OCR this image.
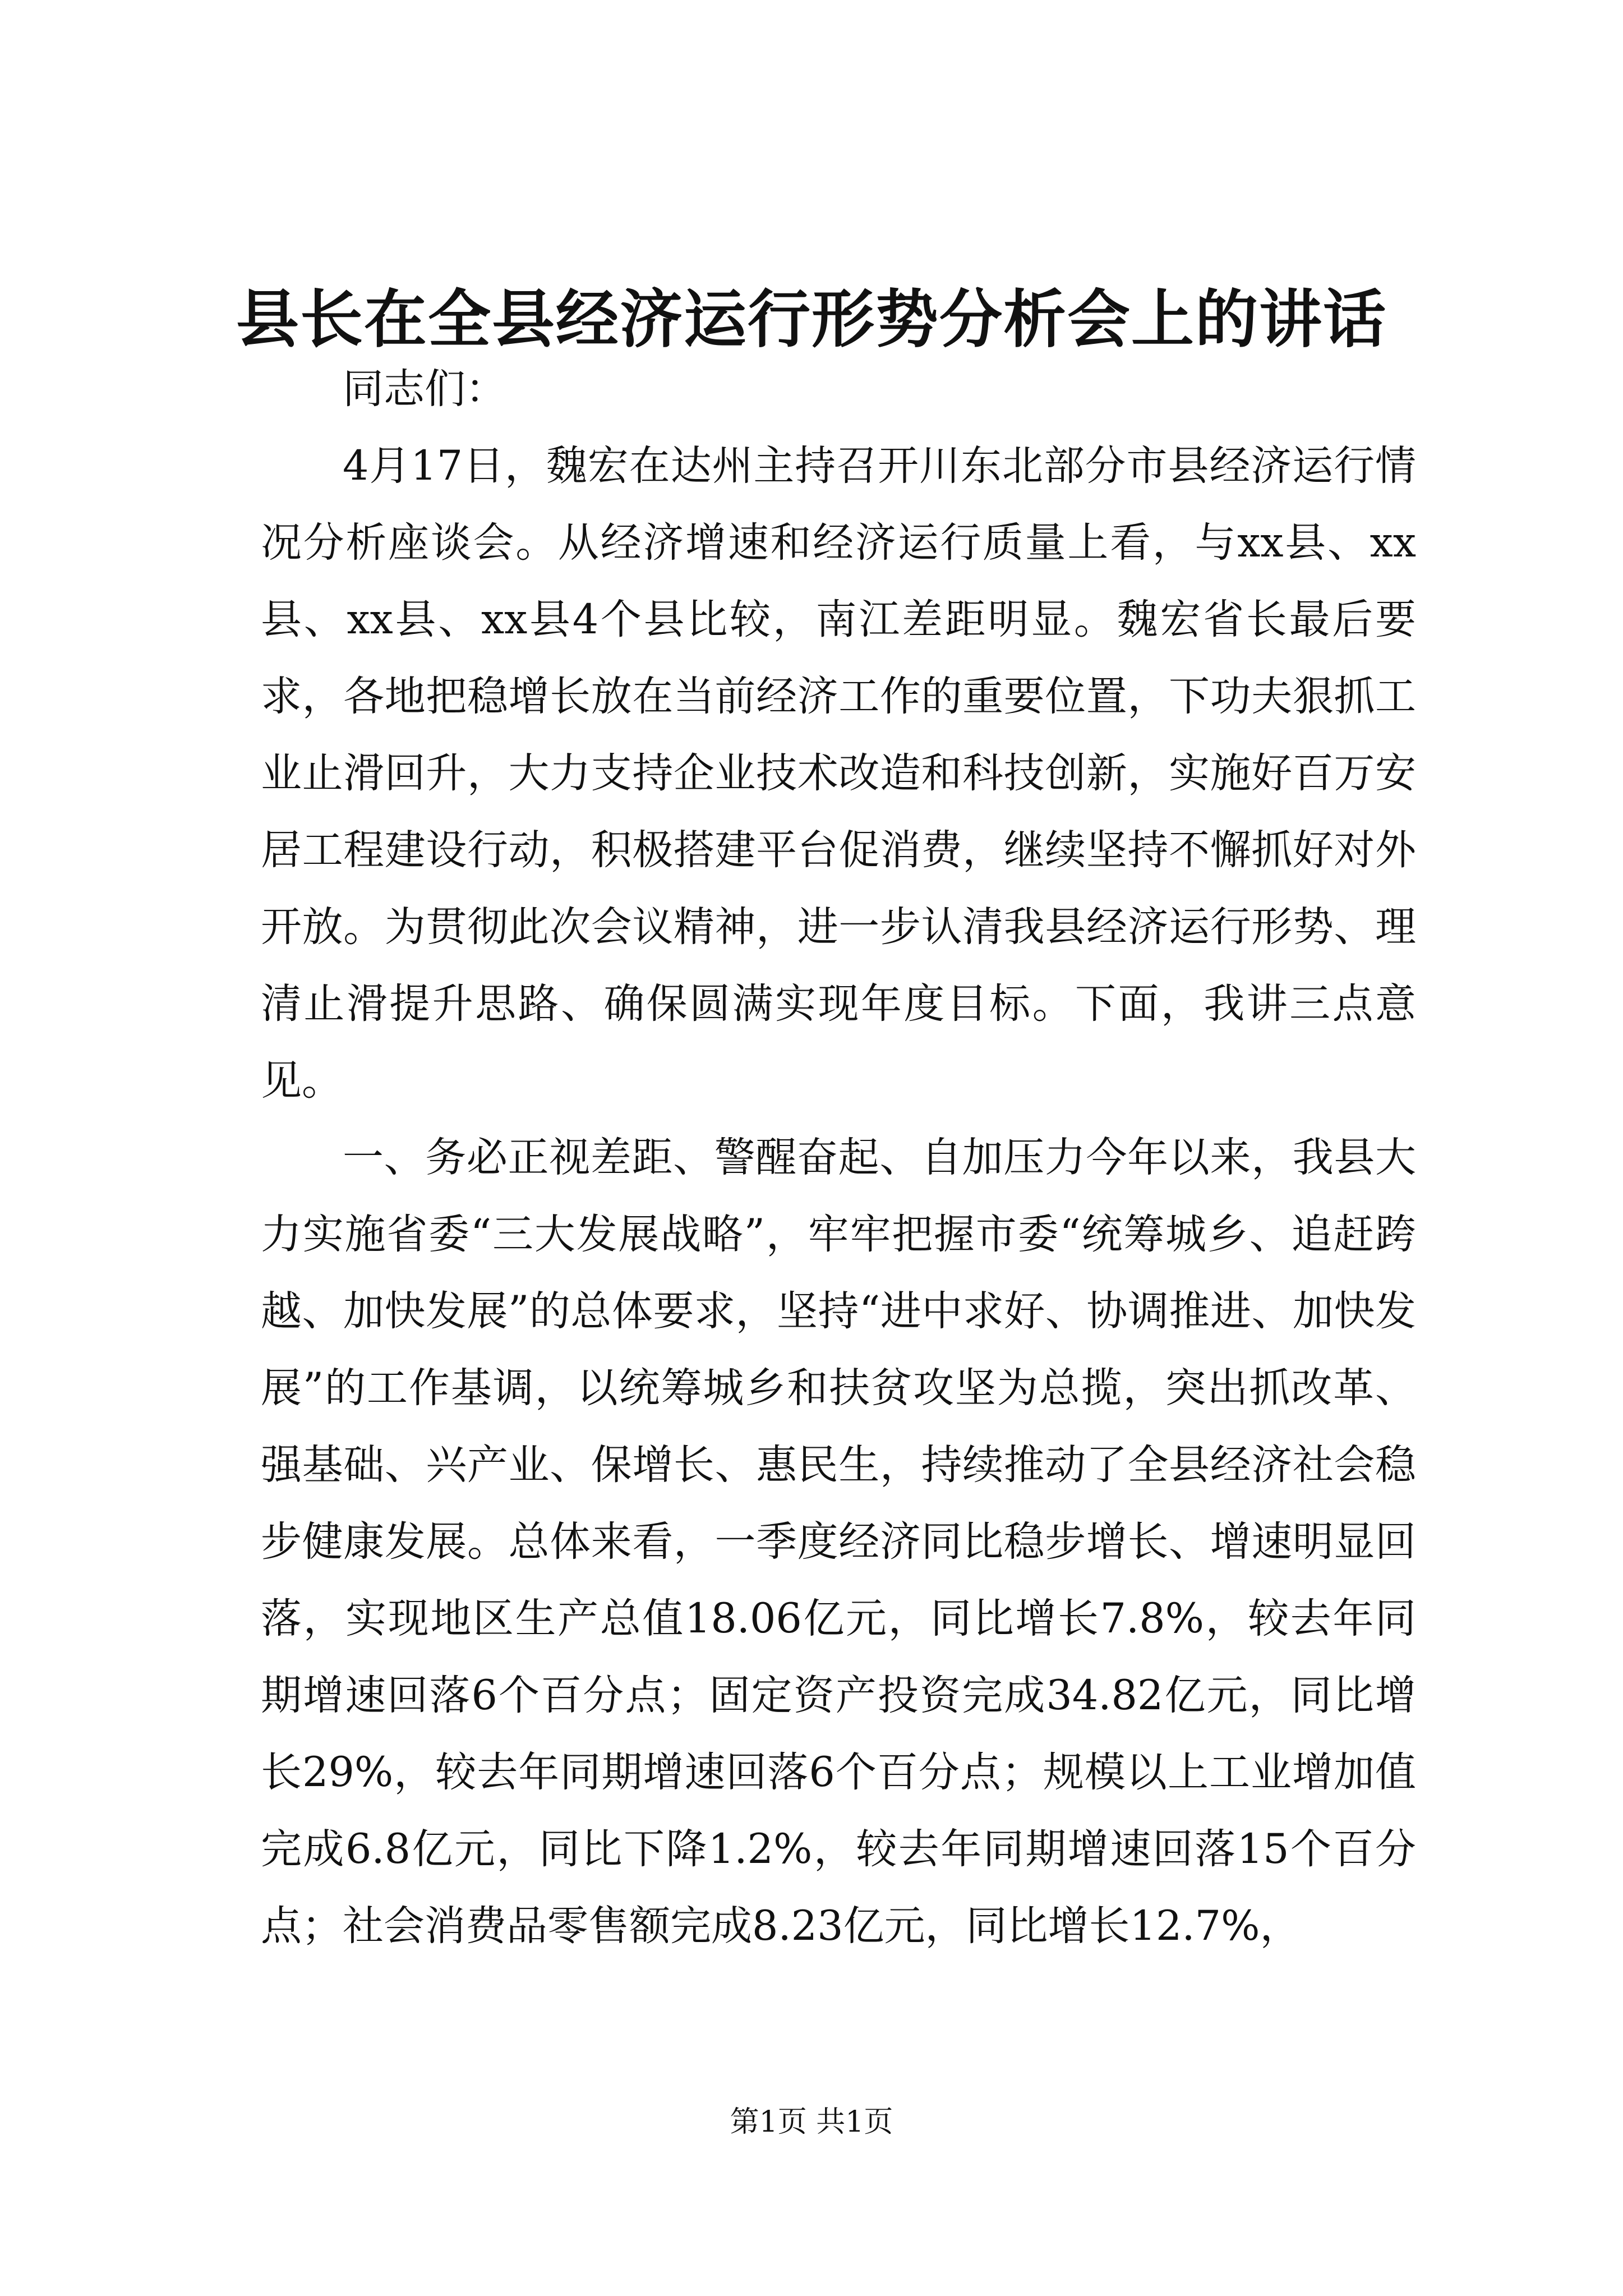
县长在全县经济运行形势分析会上的讲话

同志们：

4月17日，魏宏在达州主持召开川东北部分市县经济运行情况分析座谈会。从经济增速和经济运行质量上看，与xx县、xx县、xx县、xx县4个县比较，南江差距明显。魏宏省长最后要求，各地把稳增长放在当前经济工作的重要位置，下功夫狠抓工业止滑回升，大力支持企业技术改造和科技创新，实施好百万安居工程建设行动，积极搭建平台促消费，继续坚持不懈抓好对外开放。为贯彻此次会议精神，进一步认清我县经济运行形势、理清止滑提升思路、确保圆满实现年度目标。下面，我讲三点意见。

一、务必正视差距、警醒奋起、自加压力今年以来，我县大力实施省委“三大发展战略”，牢牢把握市委“统筹城乡、追赶跨越、加快发展”的总体要求，坚持“进中求好、协调推进、加快发展”的工作基调，以统筹城乡和扶贫攻坚为总揽，突出抓改革、强基础、兴产业、保增长、惠民生，持续推动了全县经济社会稳步健康发展。总体来看，一季度经济同比稳步增长、增速明显回落，实现地区生产总值18.06亿元，同比增长7.8%，较去年同期增速回落6个百分点；固定资产投资完成34.82亿元，同比增长29%，较去年同期增速回落6个百分点；规模以上工业增加值完成6.8亿元，同比下降1.2%，较去年同期增速回落15个百分点；社会消费品零售额完成8.23亿元，同比增长12.7%，

第1页 共1页
